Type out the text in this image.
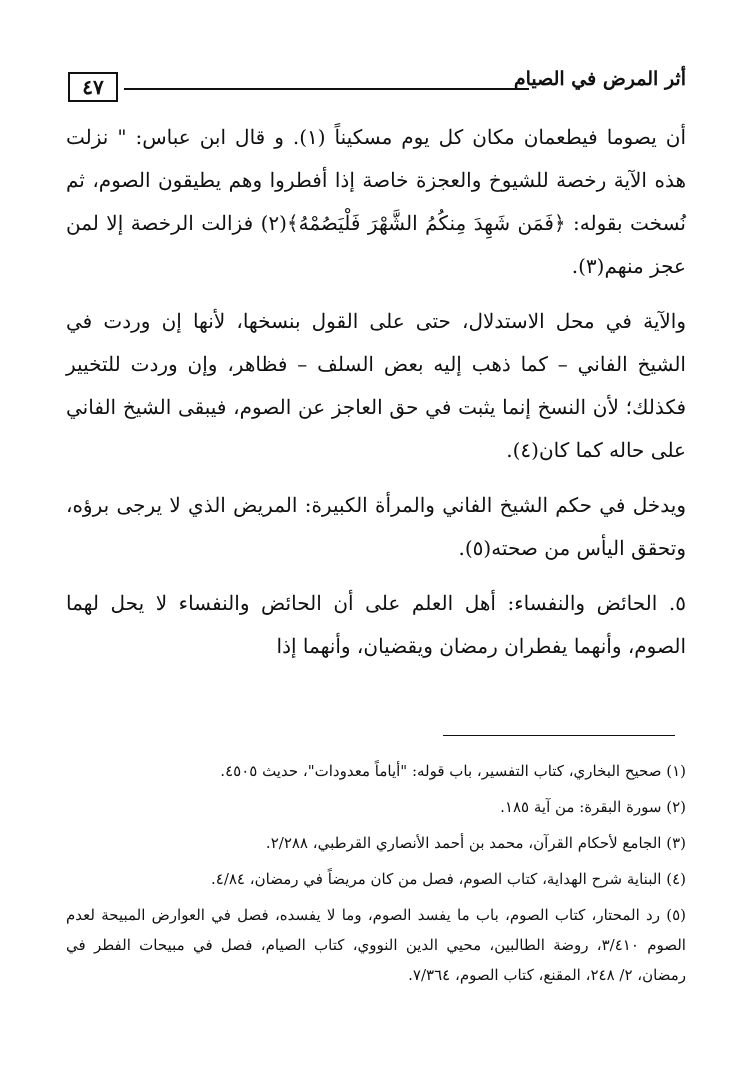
٤٧	أثر المرض في الصيام

أن يصوما فيطعمان مكان كل يوم مسكيناً (١). و قال ابن عباس: " نزلت هذه الآية رخصة للشيوخ والعجزة خاصة إذا أفطروا وهم يطيقون الصوم، ثم نُسخت بقوله: ﴿فَمَن شَهِدَ مِنكُمُ الشَّهْرَ فَلْيَصُمْهُ﴾(٢) فزالت الرخصة إلا لمن عجز منهم(٣).

والآية في محل الاستدلال، حتى على القول بنسخها، لأنها إن وردت في الشيخ الفاني – كما ذهب إليه بعض السلف – فظاهر، وإن وردت للتخيير فكذلك؛ لأن النسخ إنما يثبت في حق العاجز عن الصوم، فيبقى الشيخ الفاني على حاله كما كان(٤).

ويدخل في حكم الشيخ الفاني والمرأة الكبيرة: المريض الذي لا يرجى برؤه، وتحقق اليأس من صحته(٥).

٥. الحائض والنفساء: أهل العلم على أن الحائض والنفساء لا يحل لهما الصوم، وأنهما يفطران رمضان ويقضيان، وأنهما إذا

(١) صحيح البخاري، كتاب التفسير، باب قوله: "أياماً معدودات"، حديث ٤٥٠٥.
(٢) سورة البقرة: من آية ١٨٥.
(٣) الجامع لأحكام القرآن، محمد بن أحمد الأنصاري القرطبي، ٢/٢٨٨.
(٤) البناية شرح الهداية، كتاب الصوم، فصل من كان مريضاً في رمضان، ٤/٨٤.
(٥) رد المحتار، كتاب الصوم، باب ما يفسد الصوم، وما لا يفسده، فصل في العوارض المبيحة لعدم الصوم ٣/٤١٠، روضة الطالبين، محيي الدين النووي، كتاب الصيام، فصل في مبيحات الفطر في رمضان، ٢/ ٢٤٨، المقنع، كتاب الصوم، ٧/٣٦٤.
